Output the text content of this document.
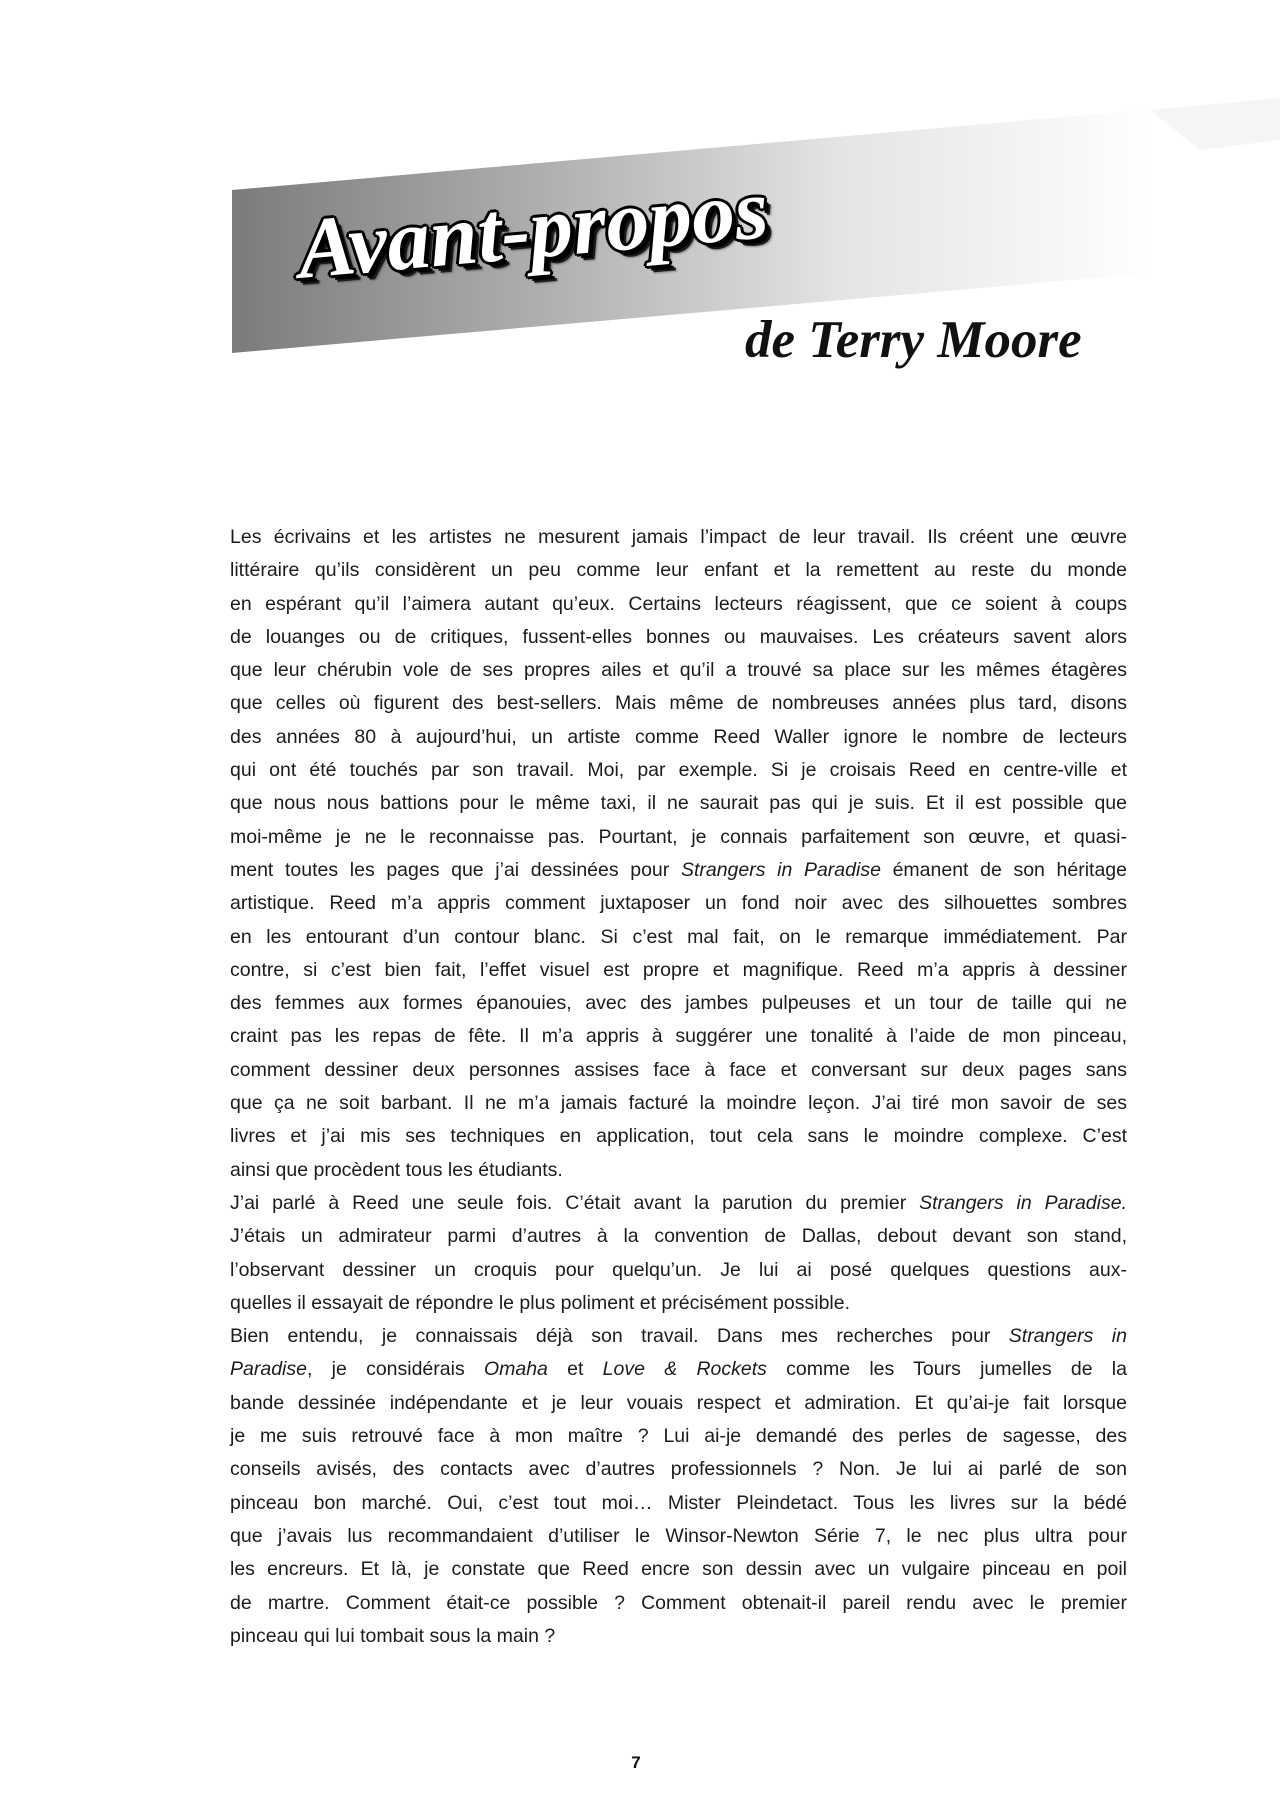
Avant-propos
de Terry Moore
Les écrivains et les artistes ne mesurent jamais l’impact de leur travail. Ils créent une œuvre
littéraire qu’ils considèrent un peu comme leur enfant et la remettent au reste du monde
en espérant qu’il l’aimera autant qu’eux. Certains lecteurs réagissent, que ce soient à coups
de louanges ou de critiques, fussent-elles bonnes ou mauvaises. Les créateurs savent alors
que leur chérubin vole de ses propres ailes et qu’il a trouvé sa place sur les mêmes étagères
que celles où figurent des best-sellers. Mais même de nombreuses années plus tard, disons
des années 80 à aujourd’hui, un artiste comme Reed Waller ignore le nombre de lecteurs
qui ont été touchés par son travail. Moi, par exemple. Si je croisais Reed en centre-ville et
que nous nous battions pour le même taxi, il ne saurait pas qui je suis. Et il est possible que
moi-même je ne le reconnaisse pas. Pourtant, je connais parfaitement son œuvre, et quasi-
ment toutes les pages que j’ai dessinées pour Strangers in Paradise émanent de son héritage
artistique. Reed m’a appris comment juxtaposer un fond noir avec des silhouettes sombres
en les entourant d’un contour blanc. Si c’est mal fait, on le remarque immédiatement. Par
contre, si c’est bien fait, l’effet visuel est propre et magnifique. Reed m’a appris à dessiner
des femmes aux formes épanouies, avec des jambes pulpeuses et un tour de taille qui ne
craint pas les repas de fête. Il m’a appris à suggérer une tonalité à l’aide de mon pinceau,
comment dessiner deux personnes assises face à face et conversant sur deux pages sans
que ça ne soit barbant. Il ne m’a jamais facturé la moindre leçon. J’ai tiré mon savoir de ses
livres et j’ai mis ses techniques en application, tout cela sans le moindre complexe. C’est
ainsi que procèdent tous les étudiants.
J’ai parlé à Reed une seule fois. C’était avant la parution du premier Strangers in Paradise.
J’étais un admirateur parmi d’autres à la convention de Dallas, debout devant son stand,
l’observant dessiner un croquis pour quelqu’un. Je lui ai posé quelques questions aux-
quelles il essayait de répondre le plus poliment et précisément possible.
Bien entendu, je connaissais déjà son travail. Dans mes recherches pour Strangers in
Paradise, je considérais Omaha et Love & Rockets comme les Tours jumelles de la
bande dessinée indépendante et je leur vouais respect et admiration. Et qu’ai-je fait lorsque
je me suis retrouvé face à mon maître ? Lui ai-je demandé des perles de sagesse, des
conseils avisés, des contacts avec d’autres professionnels ? Non. Je lui ai parlé de son
pinceau bon marché. Oui, c’est tout moi… Mister Pleindetact. Tous les livres sur la bédé
que j’avais lus recommandaient d’utiliser le Winsor-Newton Série 7, le nec plus ultra pour
les encreurs. Et là, je constate que Reed encre son dessin avec un vulgaire pinceau en poil
de martre. Comment était-ce possible ? Comment obtenait-il pareil rendu avec le premier
pinceau qui lui tombait sous la main ?
7
